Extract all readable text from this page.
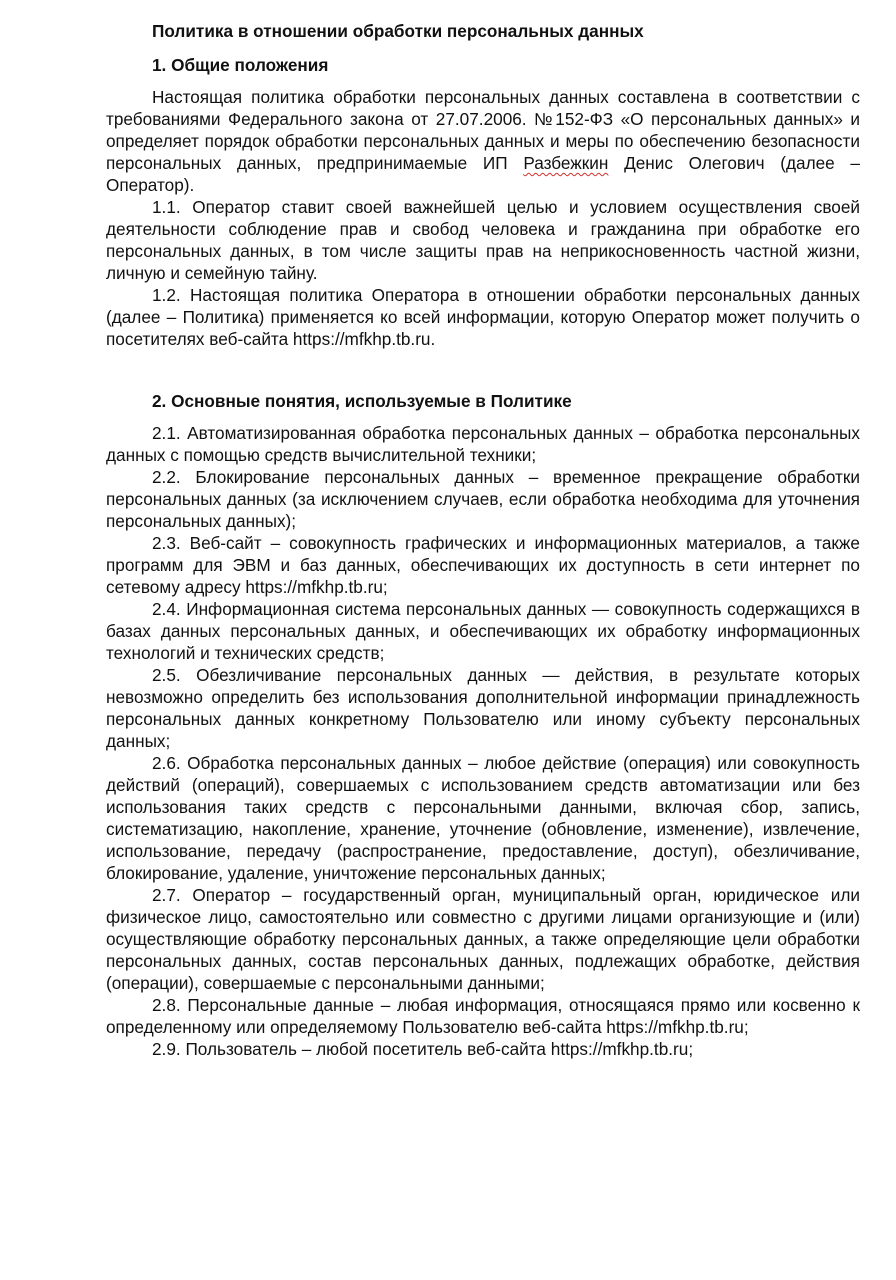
Политика в отношении обработки персональных данных
1. Общие положения

Настоящая политика обработки персональных данных составлена в соответствии с требованиями Федерального закона от 27.07.2006. №152-ФЗ «О персональных данных» и определяет порядок обработки персональных данных и меры по обеспечению безопасности персональных данных, предпринимаемые ИП Разбежкин Денис Олегович (далее – Оператор).

1.1. Оператор ставит своей важнейшей целью и условием осуществления своей деятельности соблюдение прав и свобод человека и гражданина при обработке его персональных данных, в том числе защиты прав на неприкосновенность частной жизни, личную и семейную тайну.

1.2. Настоящая политика Оператора в отношении обработки персональных данных (далее – Политика) применяется ко всей информации, которую Оператор может получить о посетителях веб-сайта https://mfkhp.tb.ru.

2. Основные понятия, используемые в Политике

2.1. Автоматизированная обработка персональных данных – обработка персональных данных с помощью средств вычислительной техники;

2.2. Блокирование персональных данных – временное прекращение обработки персональных данных (за исключением случаев, если обработка необходима для уточнения персональных данных);

2.3. Веб-сайт – совокупность графических и информационных материалов, а также программ для ЭВМ и баз данных, обеспечивающих их доступность в сети интернет по сетевому адресу https://mfkhp.tb.ru;

2.4. Информационная система персональных данных — совокупность содержащихся в базах данных персональных данных, и обеспечивающих их обработку информационных технологий и технических средств;

2.5. Обезличивание персональных данных — действия, в результате которых невозможно определить без использования дополнительной информации принадлежность персональных данных конкретному Пользователю или иному субъекту персональных данных;

2.6. Обработка персональных данных – любое действие (операция) или совокупность действий (операций), совершаемых с использованием средств автоматизации или без использования таких средств с персональными данными, включая сбор, запись, систематизацию, накопление, хранение, уточнение (обновление, изменение), извлечение, использование, передачу (распространение, предоставление, доступ), обезличивание, блокирование, удаление, уничтожение персональных данных;

2.7. Оператор – государственный орган, муниципальный орган, юридическое или физическое лицо, самостоятельно или совместно с другими лицами организующие и (или) осуществляющие обработку персональных данных, а также определяющие цели обработки персональных данных, состав персональных данных, подлежащих обработке, действия (операции), совершаемые с персональными данными;

2.8. Персональные данные – любая информация, относящаяся прямо или косвенно к определенному или определяемому Пользователю веб-сайта https://mfkhp.tb.ru;

2.9. Пользователь – любой посетитель веб-сайта https://mfkhp.tb.ru;
